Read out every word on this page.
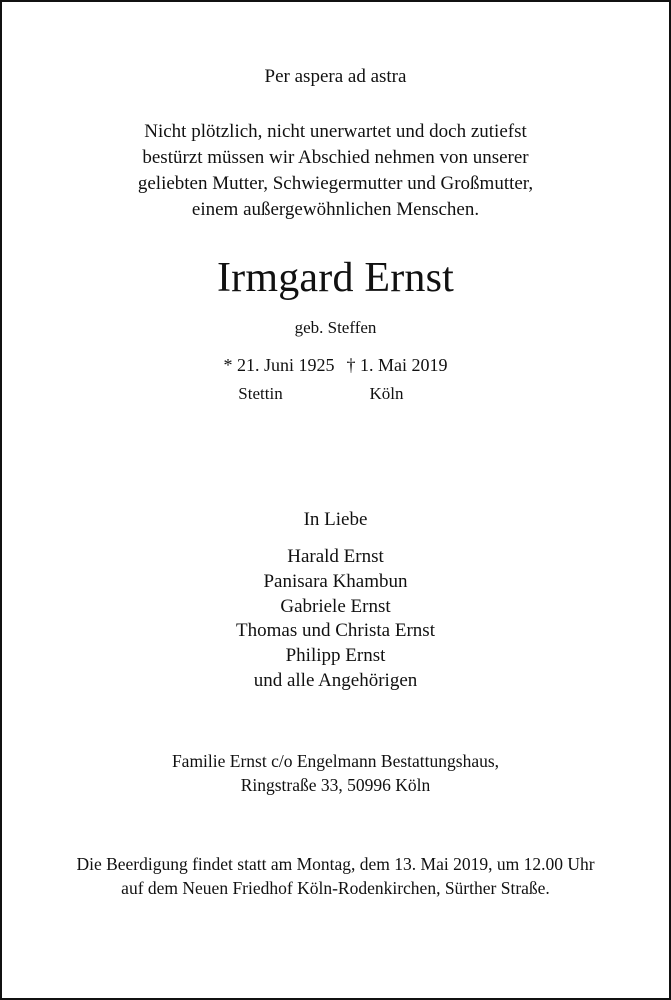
Per aspera ad astra
Nicht plötzlich, nicht unerwartet und doch zutiefst
bestürzt müssen wir Abschied nehmen von unserer
geliebten Mutter, Schwiegermutter und Großmutter,
einem außergewöhnlichen Menschen.
Irmgard Ernst
geb. Steffen
* 21. Juni 1925 † 1. Mai 2019
Stettin	Köln
In Liebe
Harald Ernst
Panisara Khambun
Gabriele Ernst
Thomas und Christa Ernst
Philipp Ernst
und alle Angehörigen
Familie Ernst c/o Engelmann Bestattungshaus,
Ringstraße 33, 50996 Köln
Die Beerdigung findet statt am Montag, dem 13. Mai 2019, um 12.00 Uhr
auf dem Neuen Friedhof Köln-Rodenkirchen, Sürther Straße.
